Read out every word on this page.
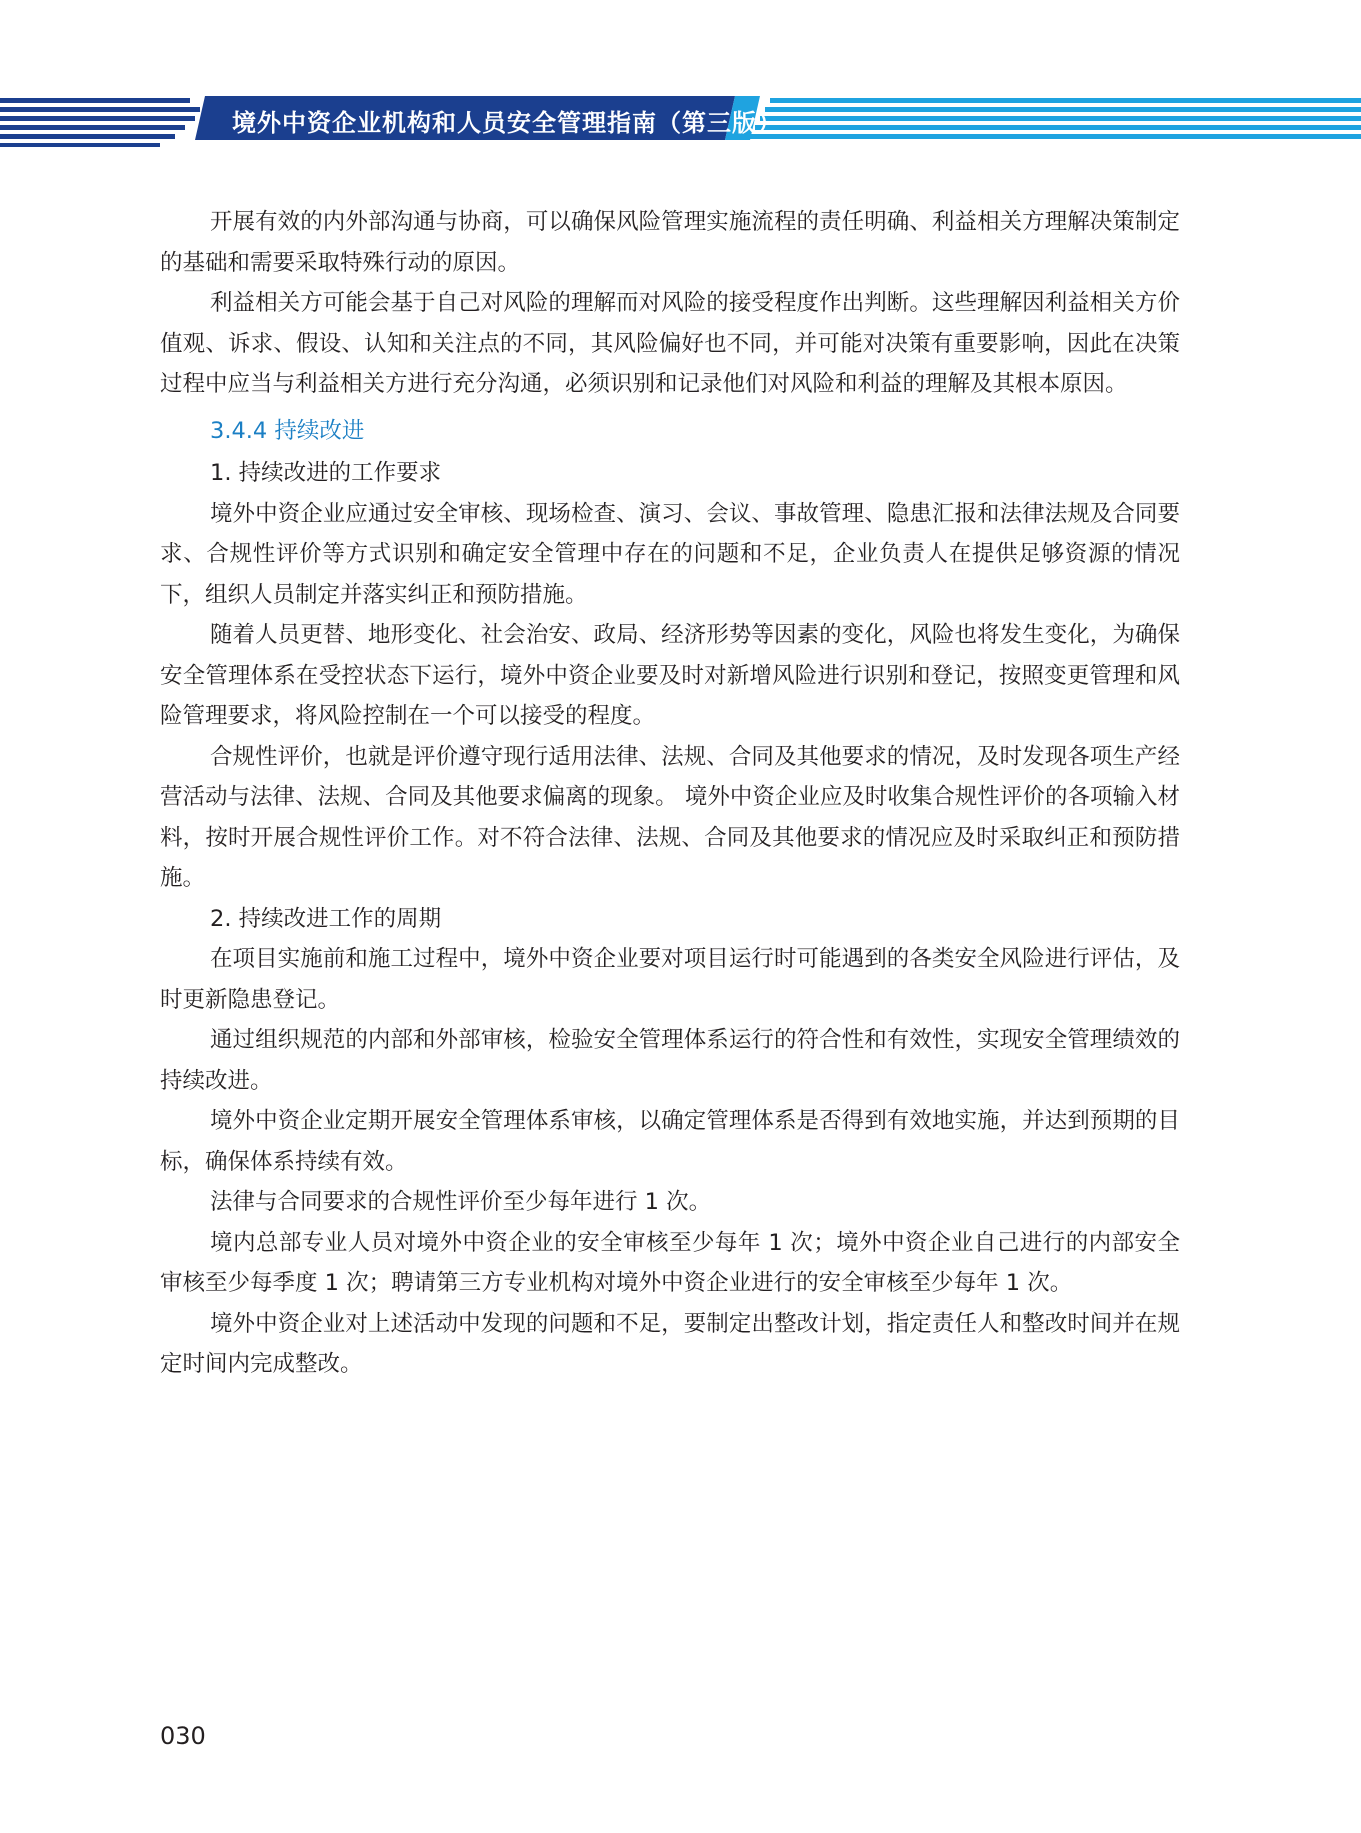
境外中资企业机构和人员安全管理指南（第三版）

开展有效的内外部沟通与协商，可以确保风险管理实施流程的责任明确、利益相关方理解决策制定的基础和需要采取特殊行动的原因。

利益相关方可能会基于自己对风险的理解而对风险的接受程度作出判断。这些理解因利益相关方价值观、诉求、假设、认知和关注点的不同，其风险偏好也不同，并可能对决策有重要影响，因此在决策过程中应当与利益相关方进行充分沟通，必须识别和记录他们对风险和利益的理解及其根本原因。

3.4.4 持续改进

1. 持续改进的工作要求

境外中资企业应通过安全审核、现场检查、演习、会议、事故管理、隐患汇报和法律法规及合同要求、合规性评价等方式识别和确定安全管理中存在的问题和不足，企业负责人在提供足够资源的情况下，组织人员制定并落实纠正和预防措施。

随着人员更替、地形变化、社会治安、政局、经济形势等因素的变化，风险也将发生变化，为确保安全管理体系在受控状态下运行，境外中资企业要及时对新增风险进行识别和登记，按照变更管理和风险管理要求，将风险控制在一个可以接受的程度。

合规性评价，也就是评价遵守现行适用法律、法规、合同及其他要求的情况，及时发现各项生产经营活动与法律、法规、合同及其他要求偏离的现象。 境外中资企业应及时收集合规性评价的各项输入材料，按时开展合规性评价工作。对不符合法律、法规、合同及其他要求的情况应及时采取纠正和预防措施。

2. 持续改进工作的周期

在项目实施前和施工过程中，境外中资企业要对项目运行时可能遇到的各类安全风险进行评估，及时更新隐患登记。

通过组织规范的内部和外部审核，检验安全管理体系运行的符合性和有效性，实现安全管理绩效的持续改进。

境外中资企业定期开展安全管理体系审核，以确定管理体系是否得到有效地实施，并达到预期的目标，确保体系持续有效。

法律与合同要求的合规性评价至少每年进行 1 次。

境内总部专业人员对境外中资企业的安全审核至少每年 1 次；境外中资企业自己进行的内部安全审核至少每季度 1 次；聘请第三方专业机构对境外中资企业进行的安全审核至少每年 1 次。

境外中资企业对上述活动中发现的问题和不足，要制定出整改计划，指定责任人和整改时间并在规定时间内完成整改。

030
